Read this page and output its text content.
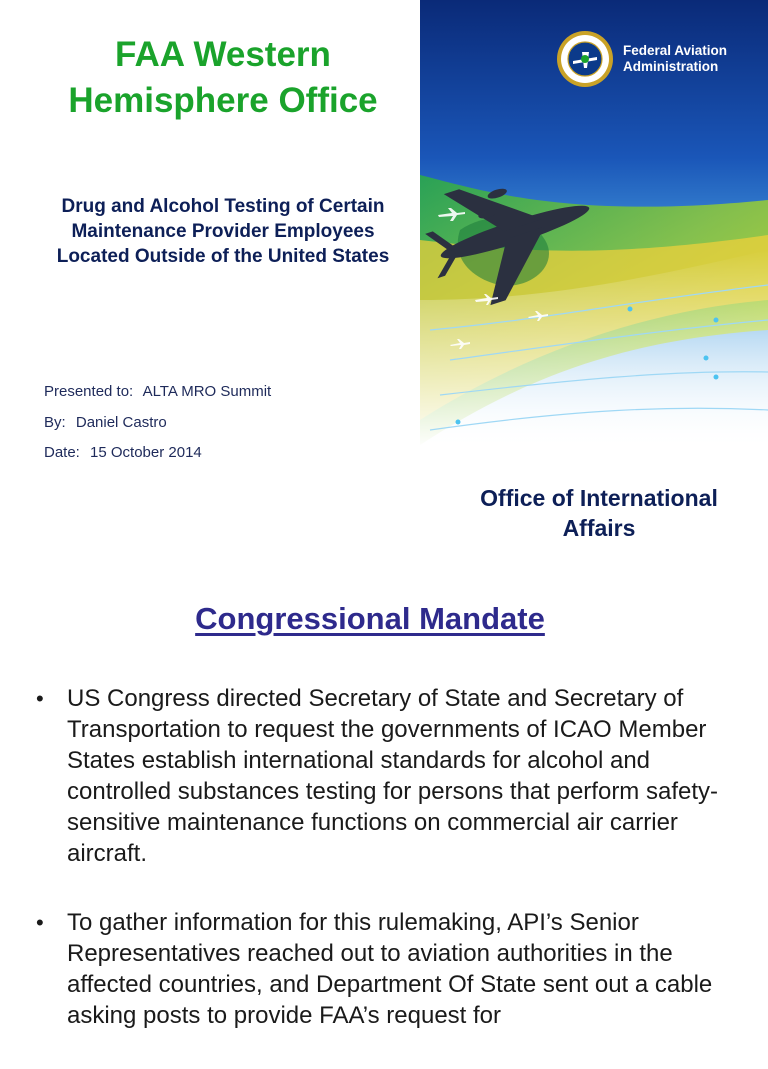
FAA Western Hemisphere Office

Drug and Alcohol Testing of Certain Maintenance Provider Employees Located Outside of the United States

Presented to: ALTA MRO Summit
By: Daniel Castro
Date: 15 October 2014
Federal Aviation
Administration
Office of International Affairs
Congressional Mandate
• US Congress directed Secretary of State and Secretary of Transportation to request the governments of ICAO Member States establish international standards for alcohol and controlled substances testing for persons that perform safety-sensitive maintenance functions on commercial air carrier aircraft.
• To gather information for this rulemaking, API’s Senior Representatives reached out to aviation authorities in the affected countries, and Department Of State sent out a cable asking posts to provide FAA’s request for
